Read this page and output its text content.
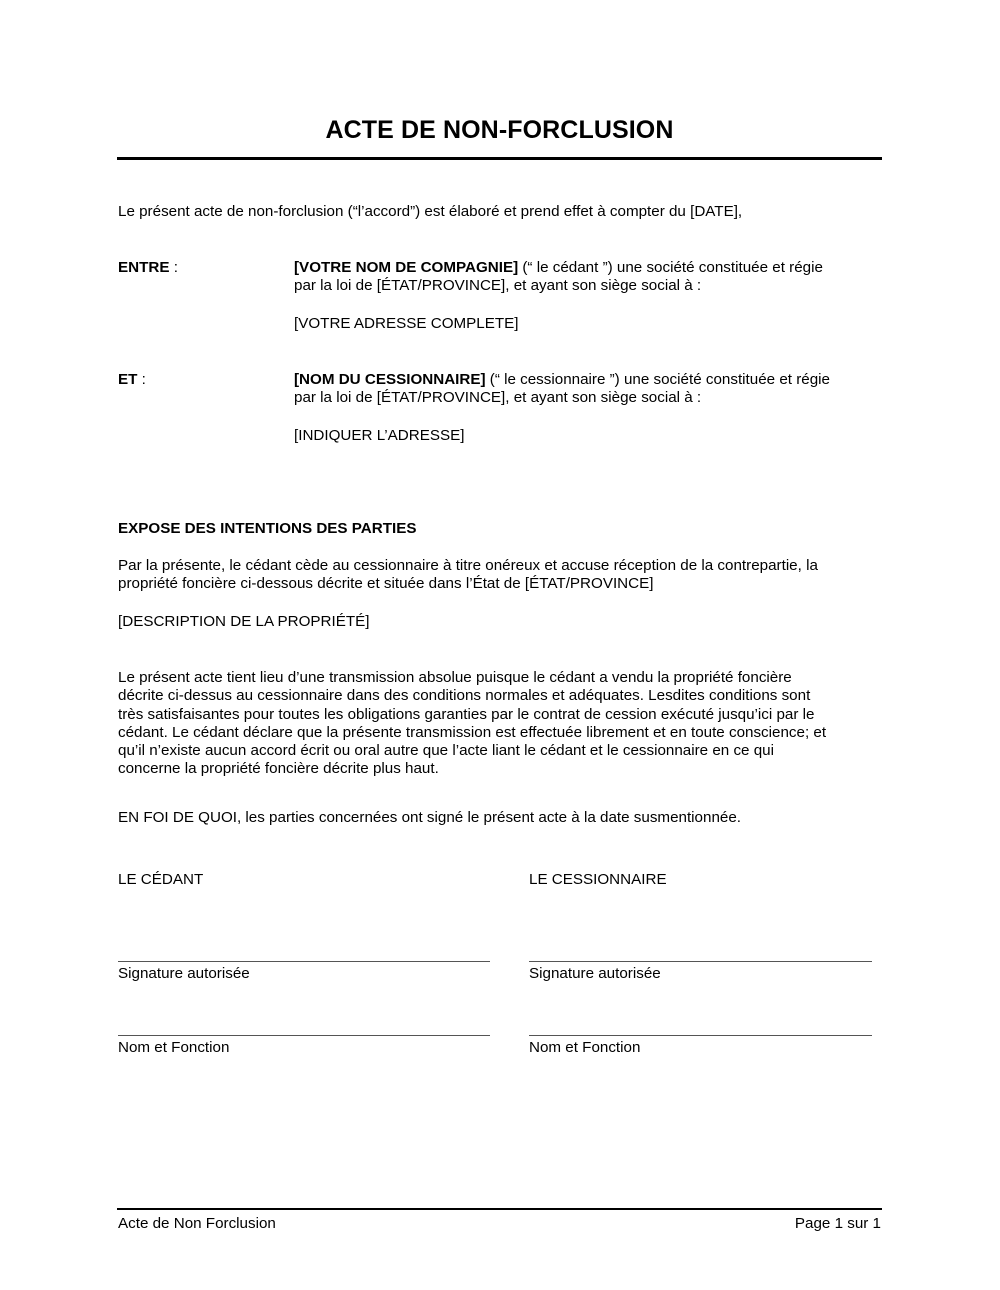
ACTE DE NON-FORCLUSION
Le présent acte de non-forclusion (“l’accord”) est élaboré et prend effet à compter du [DATE],
ENTRE :	[VOTRE NOM DE COMPAGNIE] (“ le cédant ”) une société constituée et régie
par la loi de [ÉTAT/PROVINCE], et ayant son siège social à :
[VOTRE ADRESSE COMPLETE]
ET :	[NOM DU CESSIONNAIRE] (“ le cessionnaire ”) une société constituée et régie
par la loi de [ÉTAT/PROVINCE], et ayant son siège social à :
[INDIQUER L’ADRESSE]
EXPOSE DES INTENTIONS DES PARTIES
Par la présente, le cédant cède au cessionnaire à titre onéreux et accuse réception de la contrepartie, la
propriété foncière ci-dessous décrite et située dans l’État de [ÉTAT/PROVINCE]
[DESCRIPTION DE LA PROPRIÉTÉ]
Le présent acte tient lieu d’une transmission absolue puisque le cédant a vendu la propriété foncière
décrite ci-dessus au cessionnaire dans des conditions normales et adéquates. Lesdites conditions sont
très satisfaisantes pour toutes les obligations garanties par le contrat de cession exécuté jusqu’ici par le
cédant. Le cédant déclare que la présente transmission est effectuée librement et en toute conscience; et
qu’il n’existe aucun accord écrit ou oral autre que l’acte liant le cédant et le cessionnaire en ce qui
concerne la propriété foncière décrite plus haut.
EN FOI DE QUOI, les parties concernées ont signé le présent acte à la date susmentionnée.
LE CÉDANT
Signature autorisée
Nom et Fonction
LE CESSIONNAIRE
Signature autorisée
Nom et Fonction
Acte de Non Forclusion	Page 1 sur 1
